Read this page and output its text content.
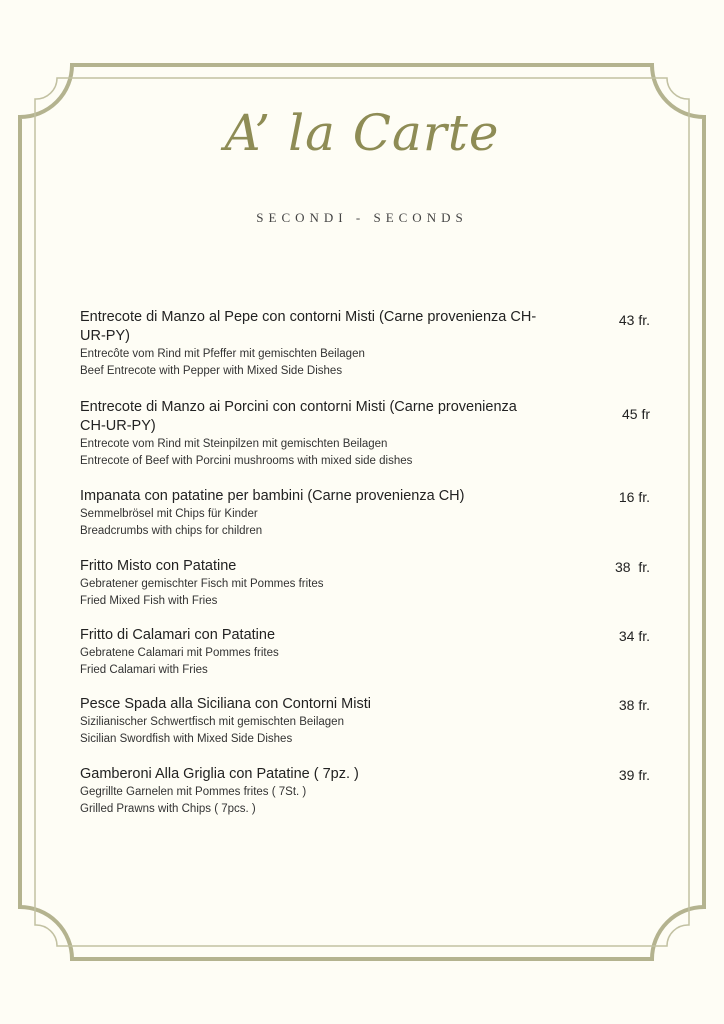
A’ la Carte
SECONDI - SECONDS
Entrecote di Manzo al Pepe con contorni Misti (Carne provenienza CH-UR-PY)
Entrecôte vom Rind mit Pfeffer mit gemischten Beilagen
Beef Entrecote with Pepper with Mixed Side Dishes
43 fr.
Entrecote di Manzo ai Porcini con contorni Misti (Carne provenienza CH-UR-PY)
Entrecote vom Rind mit Steinpilzen mit gemischten Beilagen
Entrecote of Beef with Porcini mushrooms with mixed side dishes
45 fr
Impanata con patatine per bambini (Carne provenienza CH)
Semmelbrösel mit Chips für Kinder
Breadcrumbs with chips for children
16 fr.
Fritto Misto con Patatine
Gebratener gemischter Fisch mit Pommes frites
Fried Mixed Fish with Fries
38  fr.
Fritto di Calamari con Patatine
Gebratene Calamari mit Pommes frites
Fried Calamari with Fries
34 fr.
Pesce Spada alla Siciliana con Contorni Misti
Sizilianischer Schwertfisch mit gemischten Beilagen
Sicilian Swordfish with Mixed Side Dishes
38 fr.
Gamberoni Alla Griglia con Patatine ( 7pz. )
Gegrillte Garnelen mit Pommes frites ( 7St. )
Grilled Prawns with Chips ( 7pcs. )
39 fr.
